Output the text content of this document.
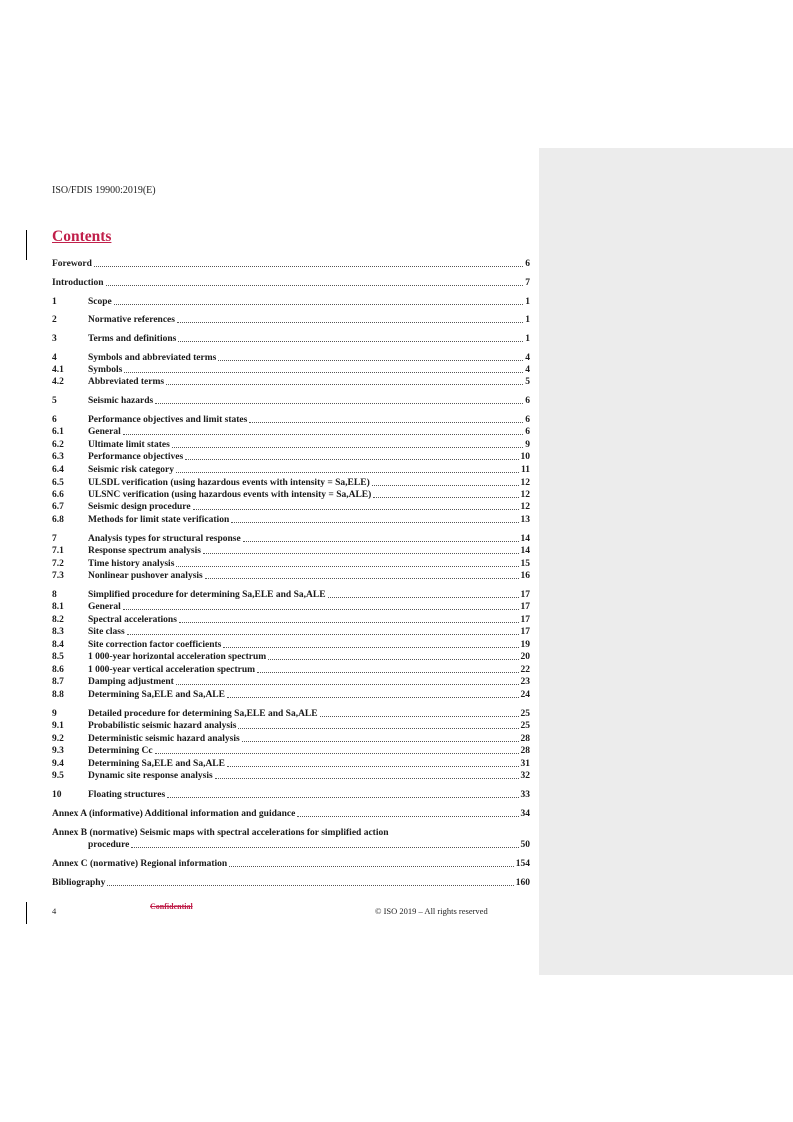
ISO/FDIS 19900:2019(E)
Contents
Foreword	6
Introduction	7
1	Scope	1
2	Normative references	1
3	Terms and definitions	1
4	Symbols and abbreviated terms	4
4.1	Symbols	4
4.2	Abbreviated terms	5
5	Seismic hazards	6
6	Performance objectives and limit states	6
6.1	General	6
6.2	Ultimate limit states	9
6.3	Performance objectives	10
6.4	Seismic risk category	11
6.5	ULSDL verification (using hazardous events with intensity = Sa,ELE)	12
6.6	ULSNC verification (using hazardous events with intensity = Sa,ALE)	12
6.7	Seismic design procedure	12
6.8	Methods for limit state verification	13
7	Analysis types for structural response	14
7.1	Response spectrum analysis	14
7.2	Time history analysis	15
7.3	Nonlinear pushover analysis	16
8	Simplified procedure for determining Sa,ELE and Sa,ALE	17
8.1	General	17
8.2	Spectral accelerations	17
8.3	Site class	17
8.4	Site correction factor coefficients	19
8.5	1 000-year horizontal acceleration spectrum	20
8.6	1 000-year vertical acceleration spectrum	22
8.7	Damping adjustment	23
8.8	Determining Sa,ELE and Sa,ALE	24
9	Detailed procedure for determining Sa,ELE and Sa,ALE	25
9.1	Probabilistic seismic hazard analysis	25
9.2	Deterministic seismic hazard analysis	28
9.3	Determining Cc	28
9.4	Determining Sa,ELE and Sa,ALE	31
9.5	Dynamic site response analysis	32
10	Floating structures	33
Annex A (informative) Additional information and guidance	34
Annex B (normative) Seismic maps with spectral accelerations for simplified action
procedure	50
Annex C (normative) Regional information	154
Bibliography	160
4	Confidential	© ISO 2019 – All rights reserved
